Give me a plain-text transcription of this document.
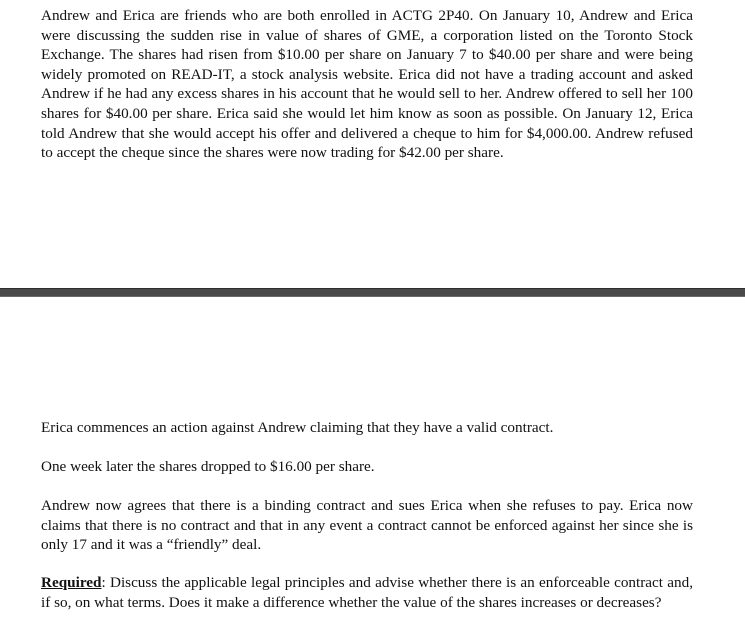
Andrew and Erica are friends who are both enrolled in ACTG 2P40. On January 10, Andrew and Erica were discussing the sudden rise in value of shares of GME, a corporation listed on the Toronto Stock Exchange. The shares had risen from $10.00 per share on January 7 to $40.00 per share and were being widely promoted on READ-IT, a stock analysis website. Erica did not have a trading account and asked Andrew if he had any excess shares in his account that he would sell to her. Andrew offered to sell her 100 shares for $40.00 per share. Erica said she would let him know as soon as possible. On January 12, Erica told Andrew that she would accept his offer and delivered a cheque to him for $4,000.00. Andrew refused to accept the cheque since the shares were now trading for $42.00 per share.

Erica commences an action against Andrew claiming that they have a valid contract.

One week later the shares dropped to $16.00 per share.

Andrew now agrees that there is a binding contract and sues Erica when she refuses to pay. Erica now claims that there is no contract and that in any event a contract cannot be enforced against her since she is only 17 and it was a “friendly” deal.

Required: Discuss the applicable legal principles and advise whether there is an enforceable contract and, if so, on what terms. Does it make a difference whether the value of the shares increases or decreases?
